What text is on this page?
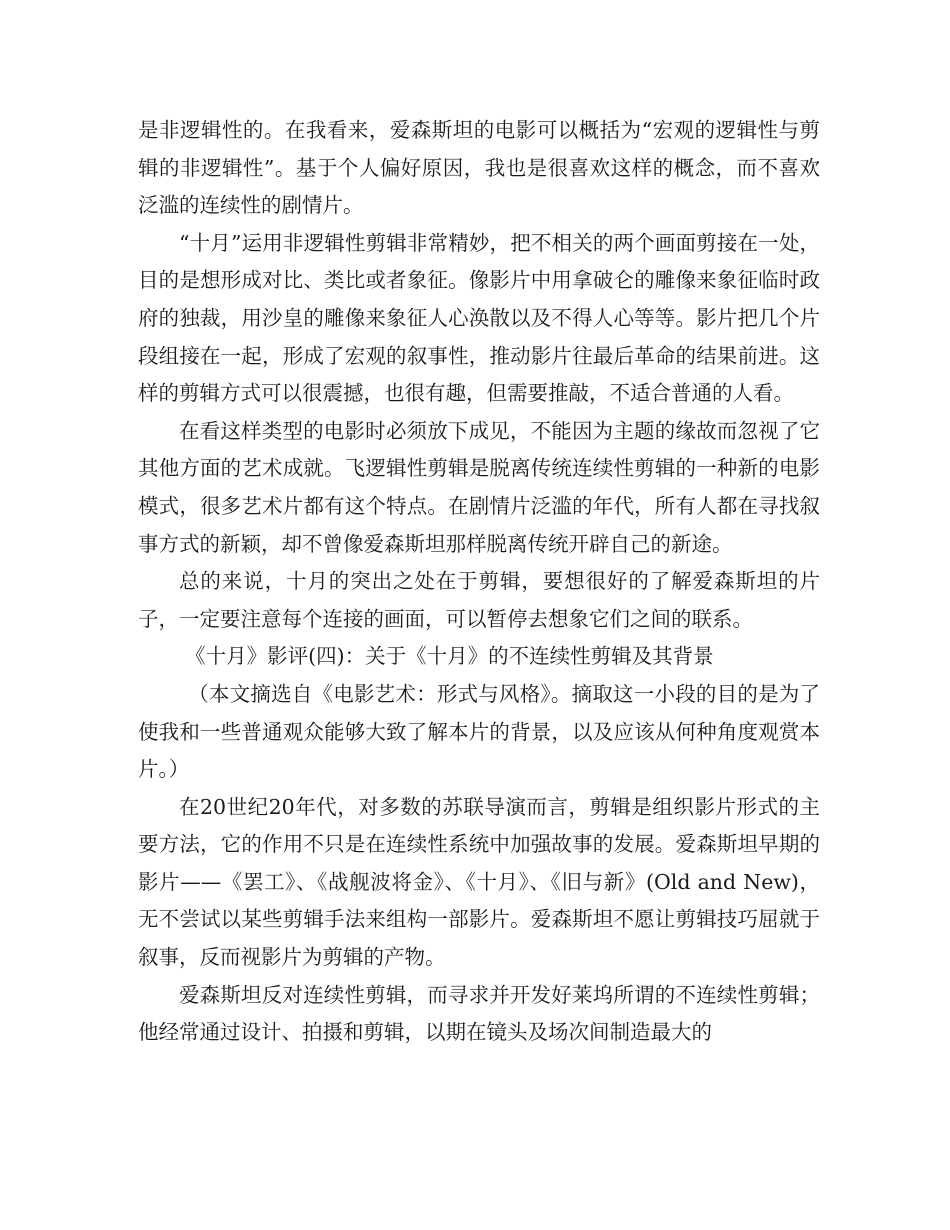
是非逻辑性的。在我看来，爱森斯坦的电影可以概括为“宏观的逻辑性与剪辑的非逻辑性”。基于个人偏好原因，我也是很喜欢这样的概念，而不喜欢泛滥的连续性的剧情片。

“十月”运用非逻辑性剪辑非常精妙，把不相关的两个画面剪接在一处，目的是想形成对比、类比或者象征。像影片中用拿破仑的雕像来象征临时政府的独裁，用沙皇的雕像来象征人心涣散以及不得人心等等。影片把几个片段组接在一起，形成了宏观的叙事性，推动影片往最后革命的结果前进。这样的剪辑方式可以很震撼，也很有趣，但需要推敲，不适合普通的人看。

在看这样类型的电影时必须放下成见，不能因为主题的缘故而忽视了它其他方面的艺术成就。飞逻辑性剪辑是脱离传统连续性剪辑的一种新的电影模式，很多艺术片都有这个特点。在剧情片泛滥的年代，所有人都在寻找叙事方式的新颖，却不曾像爱森斯坦那样脱离传统开辟自己的新途。

总的来说，十月的突出之处在于剪辑，要想很好的了解爱森斯坦的片子，一定要注意每个连接的画面，可以暂停去想象它们之间的联系。

《十月》影评(四)：关于《十月》的不连续性剪辑及其背景

（本文摘选自《电影艺术：形式与风格》。摘取这一小段的目的是为了使我和一些普通观众能够大致了解本片的背景，以及应该从何种角度观赏本片。）

在20世纪20年代，对多数的苏联导演而言，剪辑是组织影片形式的主要方法，它的作用不只是在连续性系统中加强故事的发展。爱森斯坦早期的影片——《罢工》、《战舰波将金》、《十月》、《旧与新》(Old and New)，无不尝试以某些剪辑手法来组构一部影片。爱森斯坦不愿让剪辑技巧屈就于叙事，反而视影片为剪辑的产物。

爱森斯坦反对连续性剪辑，而寻求并开发好莱坞所谓的不连续性剪辑；他经常通过设计、拍摄和剪辑，以期在镜头及场次间制造最大的
